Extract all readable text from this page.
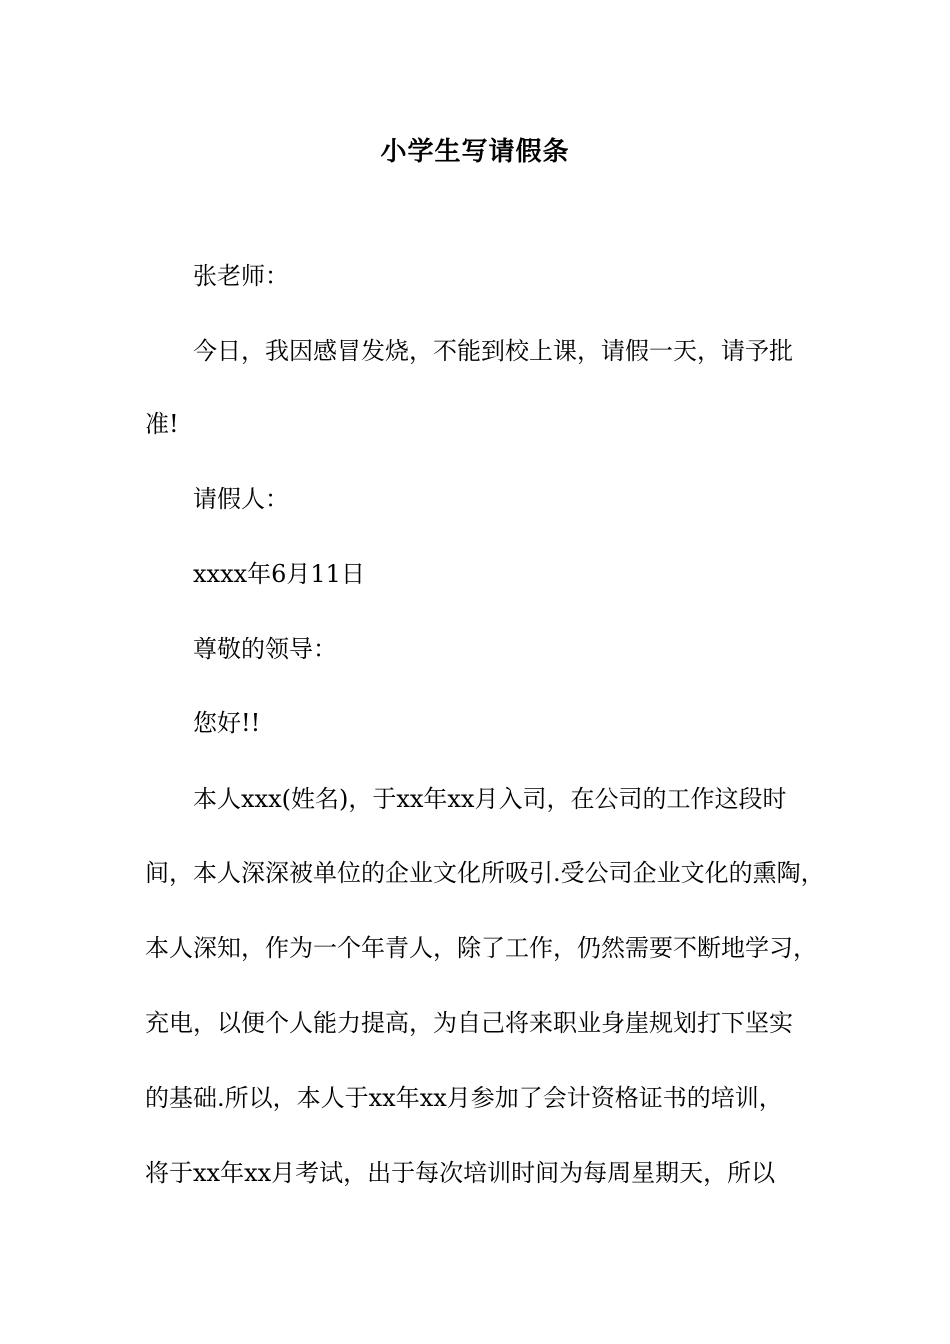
小学生写请假条
张老师：
今日，我因感冒发烧，不能到校上课，请假一天，请予批
准!
请假人：
xxxx年6月11日
尊敬的领导：
您好!!
本人xxx(姓名)，于xx年xx月入司，在公司的工作这段时
间，本人深深被单位的企业文化所吸引.受公司企业文化的熏陶，
本人深知，作为一个年青人，除了工作，仍然需要不断地学习，
充电，以便个人能力提高，为自己将来职业身崖规划打下坚实
的基础.所以，本人于xx年xx月参加了会计资格证书的培训，
将于xx年xx月考试，出于每次培训时间为每周星期天，所以
